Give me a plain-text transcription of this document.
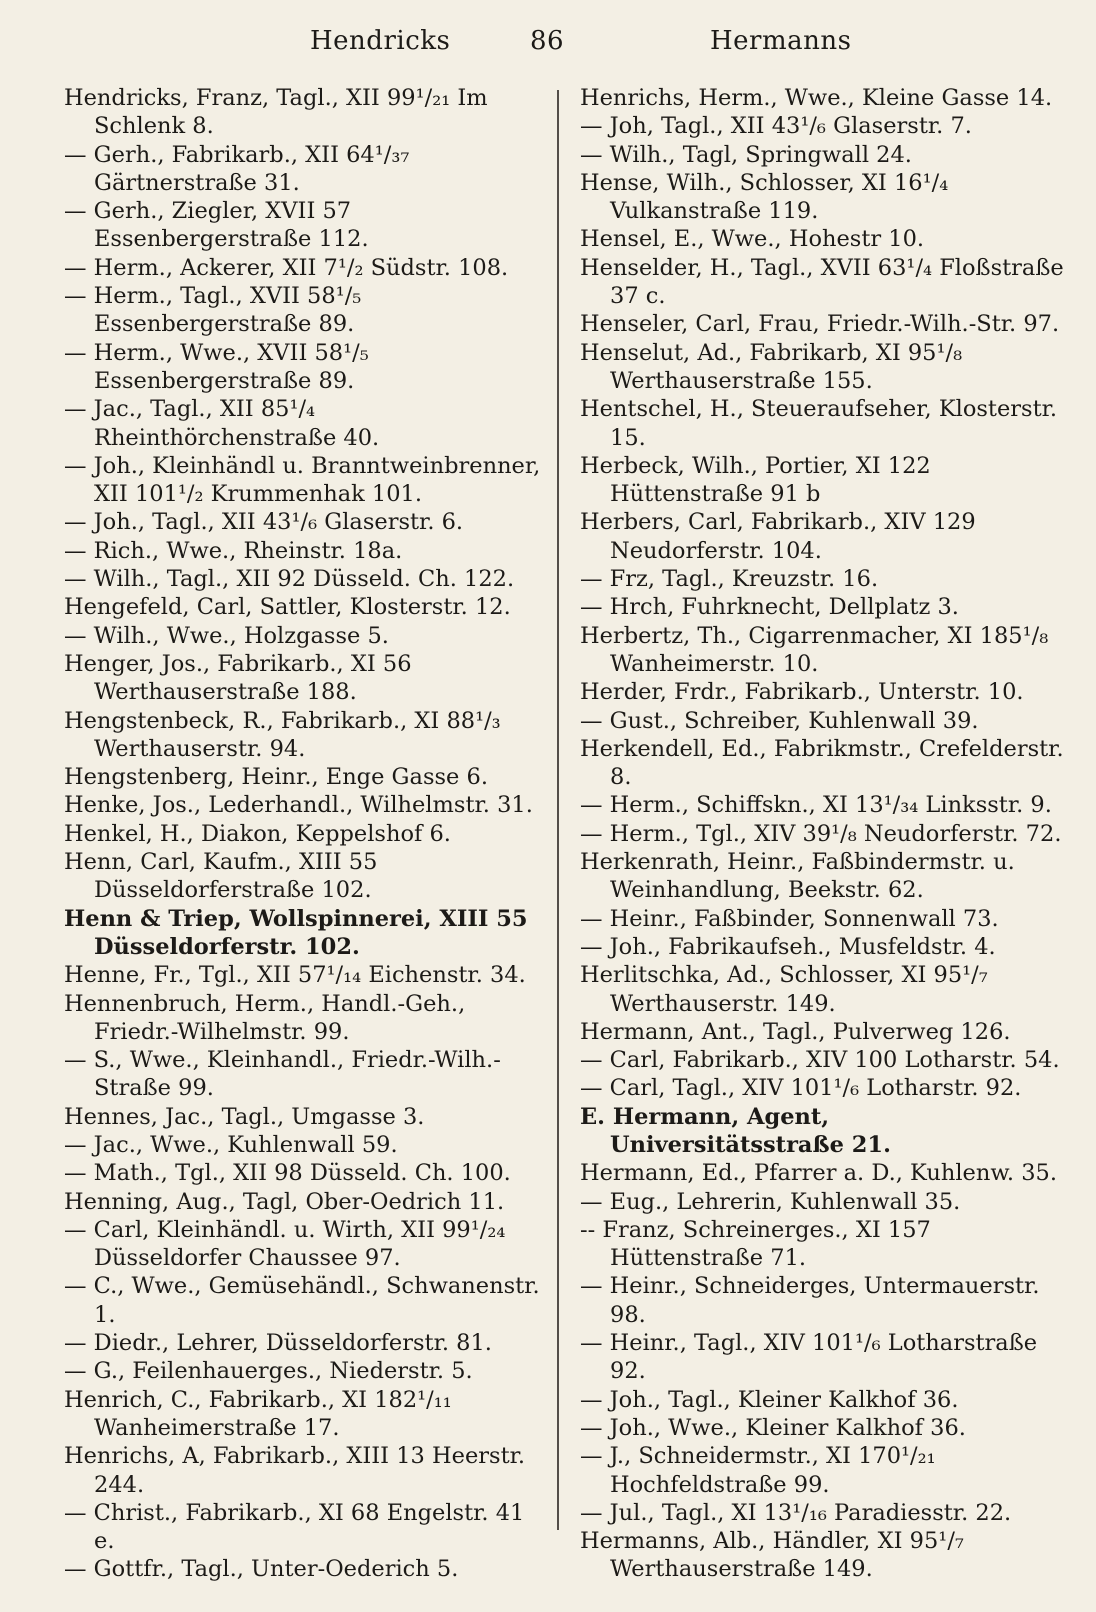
Hendricks	86	Hermanns

Hendricks, Franz, Tagl., XII 99¹/₂₁ Im Schlenk 8.

— Gerh., Fabrikarb., XII 64¹/₃₇ Gärtnerstraße 31.

— Gerh., Ziegler, XVII 57 Essenbergerstraße 112.

— Herm., Ackerer, XII 7¹/₂ Südstr. 108.

— Herm., Tagl., XVII 58¹/₅ Essenbergerstraße 89.

— Herm., Wwe., XVII 58¹/₅ Essenbergerstraße 89.

— Jac., Tagl., XII 85¹/₄ Rheinthörchenstraße 40.

— Joh., Kleinhändl u. Branntweinbrenner, XII 101¹/₂ Krummenhak 101.

— Joh., Tagl., XII 43¹/₆ Glaserstr. 6.

— Rich., Wwe., Rheinstr. 18a.

— Wilh., Tagl., XII 92 Düsseld. Ch. 122.

Hengefeld, Carl, Sattler, Klosterstr. 12.

— Wilh., Wwe., Holzgasse 5.

Henger, Jos., Fabrikarb., XI 56 Werthauserstraße 188.

Hengstenbeck, R., Fabrikarb., XI 88¹/₃ Werthauserstr. 94.

Hengstenberg, Heinr., Enge Gasse 6.

Henke, Jos., Lederhandl., Wilhelmstr. 31.

Henkel, H., Diakon, Keppelshof 6.

Henn, Carl, Kaufm., XIII 55 Düsseldorferstraße 102.

Henn & Triep, Wollspinnerei, XIII 55 Düsseldorferstr. 102.

Henne, Fr., Tgl., XII 57¹/₁₄ Eichenstr. 34.

Hennenbruch, Herm., Handl.-Geh., Friedr.-Wilhelmstr. 99.

— S., Wwe., Kleinhandl., Friedr.-Wilh.-Straße 99.

Hennes, Jac., Tagl., Umgasse 3.

— Jac., Wwe., Kuhlenwall 59.

— Math., Tgl., XII 98 Düsseld. Ch. 100.

Henning, Aug., Tagl, Ober-Oedrich 11.

— Carl, Kleinhändl. u. Wirth, XII 99¹/₂₄ Düsseldorfer Chaussee 97.

— C., Wwe., Gemüsehändl., Schwanenstr. 1.

— Diedr., Lehrer, Düsseldorferstr. 81.

— G., Feilenhauerges., Niederstr. 5.

Henrich, C., Fabrikarb., XI 182¹/₁₁ Wanheimerstraße 17.

Henrichs, A, Fabrikarb., XIII 13 Heerstr. 244.

— Christ., Fabrikarb., XI 68 Engelstr. 41 e.

— Gottfr., Tagl., Unter-Oederich 5.

Henrichs, Herm., Wwe., Kleine Gasse 14.

— Joh, Tagl., XII 43¹/₆ Glaserstr. 7.

— Wilh., Tagl, Springwall 24.

Hense, Wilh., Schlosser, XI 16¹/₄ Vulkanstraße 119.

Hensel, E., Wwe., Hohestr 10.

Henselder, H., Tagl., XVII 63¹/₄ Floßstraße 37 c.

Henseler, Carl, Frau, Friedr.-Wilh.-Str. 97.

Henselut, Ad., Fabrikarb, XI 95¹/₈ Werthauserstraße 155.

Hentschel, H., Steueraufseher, Klosterstr. 15.

Herbeck, Wilh., Portier, XI 122 Hüttenstraße 91 b

Herbers, Carl, Fabrikarb., XIV 129 Neudorferstr. 104.

— Frz, Tagl., Kreuzstr. 16.

— Hrch, Fuhrknecht, Dellplatz 3.

Herbertz, Th., Cigarrenmacher, XI 185¹/₈ Wanheimerstr. 10.

Herder, Frdr., Fabrikarb., Unterstr. 10.

— Gust., Schreiber, Kuhlenwall 39.

Herkendell, Ed., Fabrikmstr., Crefelderstr. 8.

— Herm., Schiffskn., XI 13¹/₃₄ Linksstr. 9.

— Herm., Tgl., XIV 39¹/₈ Neudorferstr. 72.

Herkenrath, Heinr., Faßbindermstr. u. Weinhandlung, Beekstr. 62.

— Heinr., Faßbinder, Sonnenwall 73.

— Joh., Fabrikaufseh., Musfeldstr. 4.

Herlitschka, Ad., Schlosser, XI 95¹/₇ Werthauserstr. 149.

Hermann, Ant., Tagl., Pulverweg 126.

— Carl, Fabrikarb., XIV 100 Lotharstr. 54.

— Carl, Tagl., XIV 101¹/₆ Lotharstr. 92.

E. Hermann, Agent, Universitätsstraße 21.

Hermann, Ed., Pfarrer a. D., Kuhlenw. 35.

— Eug., Lehrerin, Kuhlenwall 35.

-- Franz, Schreinerges., XI 157 Hüttenstraße 71.

— Heinr., Schneiderges, Untermauerstr. 98.

— Heinr., Tagl., XIV 101¹/₆ Lotharstraße 92.

— Joh., Tagl., Kleiner Kalkhof 36.

— Joh., Wwe., Kleiner Kalkhof 36.

— J., Schneidermstr., XI 170¹/₂₁ Hochfeldstraße 99.

— Jul., Tagl., XI 13¹/₁₆ Paradiesstr. 22.

Hermanns, Alb., Händler, XI 95¹/₇ Werthauserstraße 149.
